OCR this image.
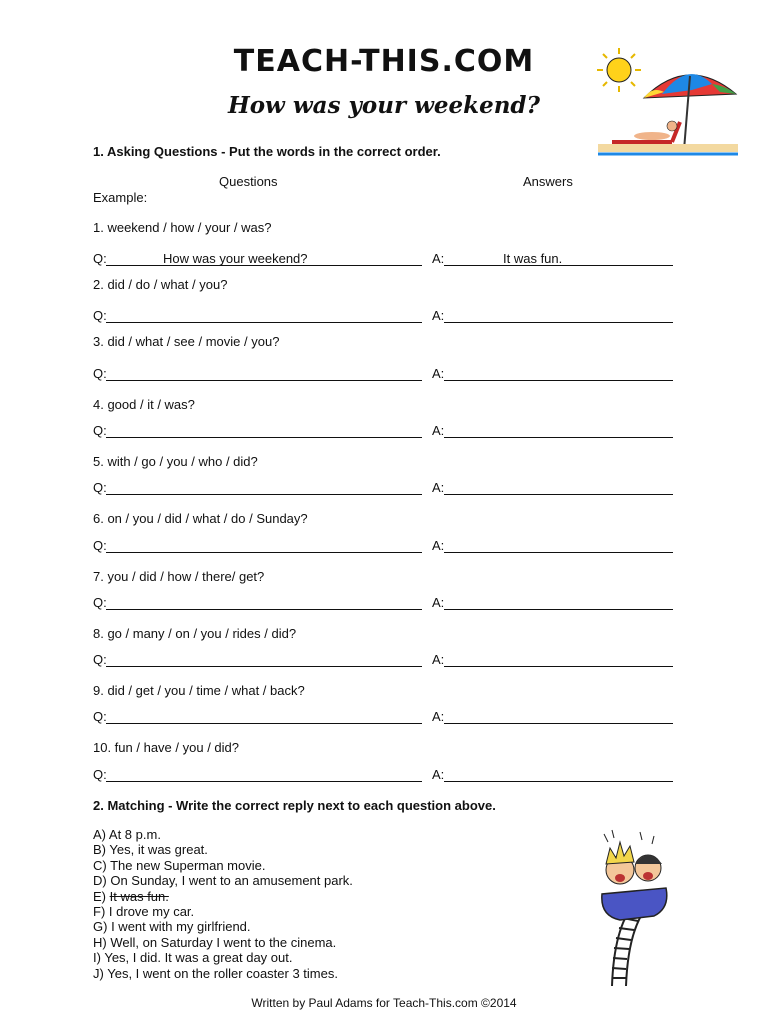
TEACH-THIS.COM
How was your weekend?
1. Asking Questions - Put the words in the correct order.
Questions	Answers
Example:
1. weekend / how / your / was?
Q:	How was your weekend?	A:	It was fun.
2. did / do / what / you?
Q:	A:
3. did / what / see / movie / you?
Q:	A:
4. good / it / was?
Q:	A:
5. with / go / you / who / did?
Q:	A:
6. on / you / did / what / do / Sunday?
Q:	A:
7. you / did / how / there/ get?
Q:	A:
8. go / many / on / you / rides / did?
Q:	A:
9. did / get / you / time / what / back?
Q:	A:
10. fun / have / you / did?
Q:	A:
2. Matching - Write the correct reply next to each question above.
A) At 8 p.m.
B) Yes, it was great.
C) The new Superman movie.
D) On Sunday, I went to an amusement park.
E) It was fun.
F) I drove my car.
G) I went with my girlfriend.
H) Well, on Saturday I went to the cinema.
I) Yes, I did. It was a great day out.
J) Yes, I went on the roller coaster 3 times.
Written by Paul Adams for Teach-This.com ©2014
